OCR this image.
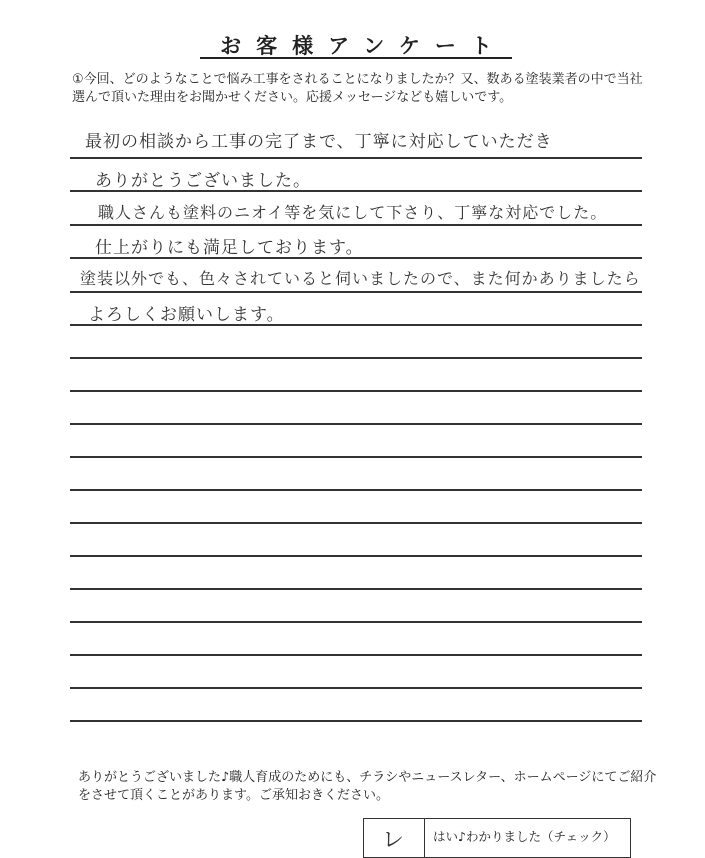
お客様アンケート
①今回、どのようなことで悩み工事をされることになりましたか？又、数ある塗装業者の中で当社選んで頂いた理由をお聞かせください。応援メッセージなども嬉しいです。
最初の相談から工事の完了まで、丁寧に対応していただき
ありがとうございました。
職人さんも塗料のニオイ等を気にして下さり、丁寧な対応でした。
仕上がりにも満足しております。
塗装以外でも、色々されていると伺いましたので、また何かありましたら
よろしくお願いします。
ありがとうございました♪職人育成のためにも、チラシやニュースレター、ホームページにてご紹介をさせて頂くことがあります。ご承知おきください。
レ はい♪わかりました（チェック）
